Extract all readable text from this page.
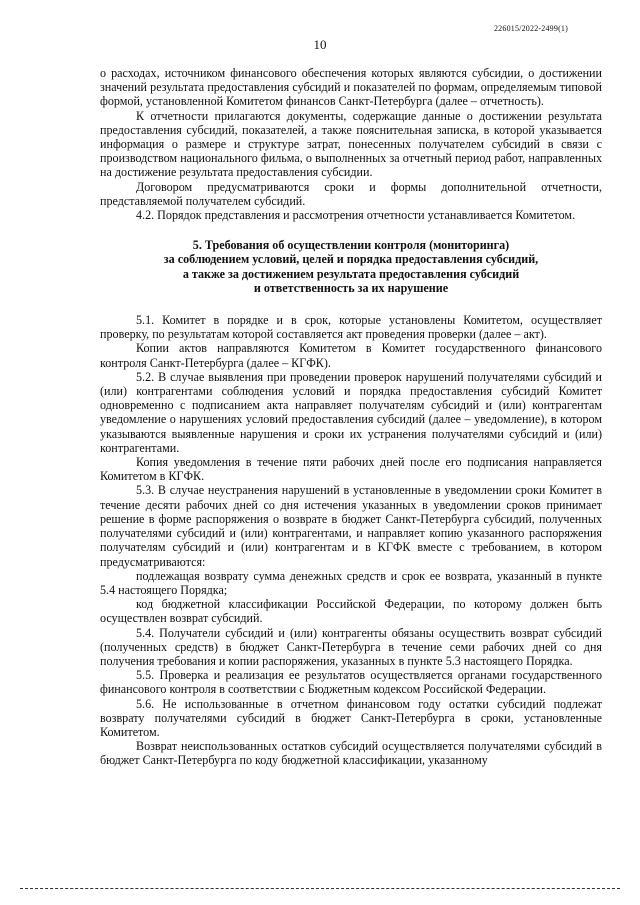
226015/2022-2499(1)
10

о расходах, источником финансового обеспечения которых являются субсидии, о достижении значений результата предоставления субсидий и показателей по формам, определяемым типовой формой, установленной Комитетом финансов Санкт-Петербурга (далее – отчетность).

К отчетности прилагаются документы, содержащие данные о достижении результата предоставления субсидий, показателей, а также пояснительная записка, в которой указывается информация о размере и структуре затрат, понесенных получателем субсидий в связи с производством национального фильма, о выполненных за отчетный период работ, направленных на достижение результата предоставления субсидии.

Договором предусматриваются сроки и формы дополнительной отчетности, представляемой получателем субсидий.

4.2. Порядок представления и рассмотрения отчетности устанавливается Комитетом.

5. Требования об осуществлении контроля (мониторинга)
за соблюдением условий, целей и порядка предоставления субсидий,
а также за достижением результата предоставления субсидий
и ответственность за их нарушение

5.1. Комитет в порядке и в срок, которые установлены Комитетом, осуществляет проверку, по результатам которой составляется акт проведения проверки (далее – акт).

Копии актов направляются Комитетом в Комитет государственного финансового контроля Санкт-Петербурга (далее – КГФК).

5.2. В случае выявления при проведении проверок нарушений получателями субсидий и (или) контрагентами соблюдения условий и порядка предоставления субсидий Комитет одновременно с подписанием акта направляет получателям субсидий и (или) контрагентам уведомление о нарушениях условий предоставления субсидий (далее – уведомление), в котором указываются выявленные нарушения и сроки их устранения получателями субсидий и (или) контрагентами.

Копия уведомления в течение пяти рабочих дней после его подписания направляется Комитетом в КГФК.

5.3. В случае неустранения нарушений в установленные в уведомлении сроки Комитет в течение десяти рабочих дней со дня истечения указанных в уведомлении сроков принимает решение в форме распоряжения о возврате в бюджет Санкт-Петербурга субсидий, полученных получателями субсидий и (или) контрагентами, и направляет копию указанного распоряжения получателям субсидий и (или) контрагентам и в КГФК вместе с требованием, в котором предусматриваются:

подлежащая возврату сумма денежных средств и срок ее возврата, указанный в пункте 5.4 настоящего Порядка;

код бюджетной классификации Российской Федерации, по которому должен быть осуществлен возврат субсидий.

5.4. Получатели субсидий и (или) контрагенты обязаны осуществить возврат субсидий (полученных средств) в бюджет Санкт-Петербурга в течение семи рабочих дней со дня получения требования и копии распоряжения, указанных в пункте 5.3 настоящего Порядка.

5.5. Проверка и реализация ее результатов осуществляется органами государственного финансового контроля в соответствии с Бюджетным кодексом Российской Федерации.

5.6. Не использованные в отчетном финансовом году остатки субсидий подлежат возврату получателями субсидий в бюджет Санкт-Петербурга в сроки, установленные Комитетом.

Возврат неиспользованных остатков субсидий осуществляется получателями субсидий в бюджет Санкт-Петербурга по коду бюджетной классификации, указанному
